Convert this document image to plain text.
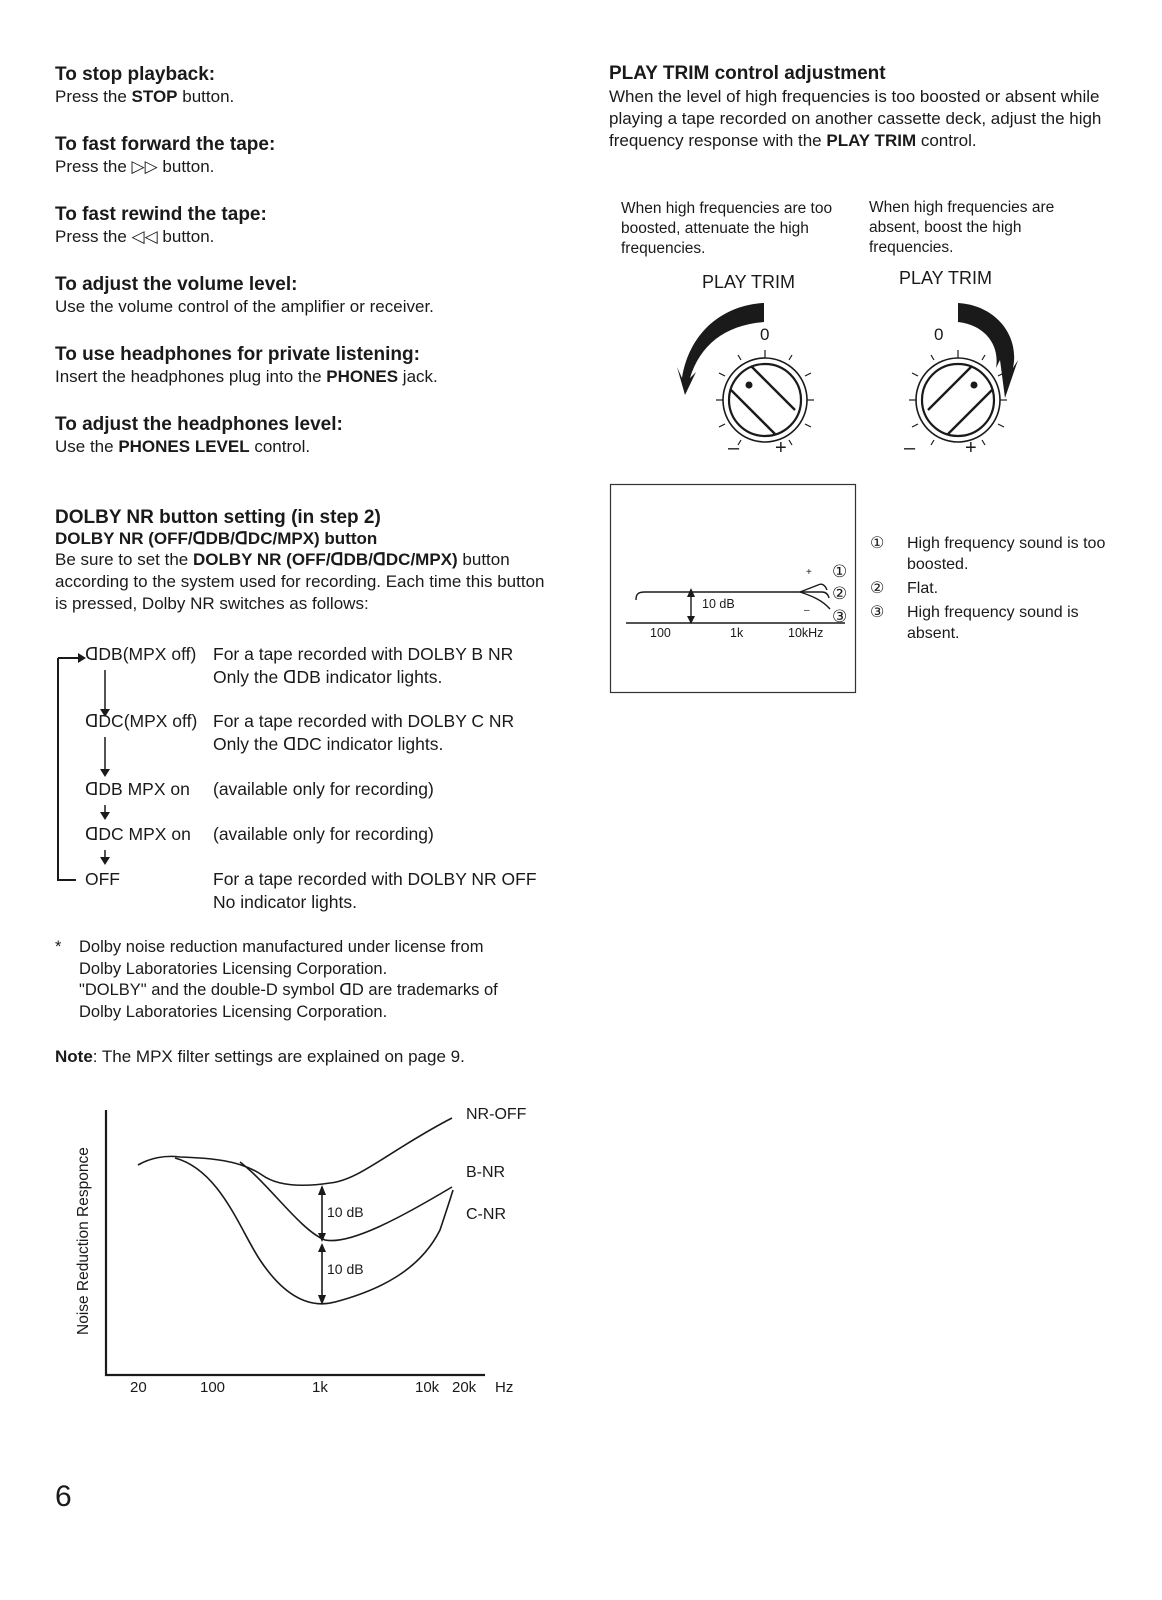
To stop playback:
Press the STOP button.
To fast forward the tape:
Press the ▷▷ button.
To fast rewind the tape:
Press the ◁◁ button.
To adjust the volume level:
Use the volume control of the amplifier or receiver.
To use headphones for private listening:
Insert the headphones plug into the PHONES jack.
To adjust the headphones level:
Use the PHONES LEVEL control.
DOLBY NR button setting (in step 2)
DOLBY NR (OFF/ᗡDB/ᗡDC/MPX) button
Be sure to set the DOLBY NR (OFF/ᗡDB/ᗡDC/MPX) button according to the system used for recording. Each time this button is pressed, Dolby NR switches as follows:
ᗡDB(MPX off) For a tape recorded with DOLBY B NR
Only the ᗡDB indicator lights.
ᗡDC(MPX off) For a tape recorded with DOLBY C NR
Only the ᗡDC indicator lights.
ᗡDB MPX on (available only for recording)
ᗡDC MPX on (available only for recording)
OFF	For a tape recorded with DOLBY NR OFF
No indicator lights.
* Dolby noise reduction manufactured under license from
Dolby Laboratories Licensing Corporation.
"DOLBY" and the double-D symbol ᗡD are trademarks of
Dolby Laboratories Licensing Corporation.
Note: The MPX filter settings are explained on page 9.
Noise Reduction Responce
20	100	1k	10k 20k Hz
NR-OFF
B-NR
C-NR
10 dB
10 dB
PLAY TRIM control adjustment
When the level of high frequencies is too boosted or absent while playing a tape recorded on another cassette deck, adjust the high frequency response with the PLAY TRIM control.
When high frequencies are too boosted, attenuate the high frequencies.
When high frequencies are absent, boost the high frequencies.
PLAY TRIM	PLAY TRIM
0
– +
0
– +
10 dB
100	1k	10kHz
+
–
①
②
③
①	High frequency sound is too boosted.
②	Flat.
③	High frequency sound is absent.
6
